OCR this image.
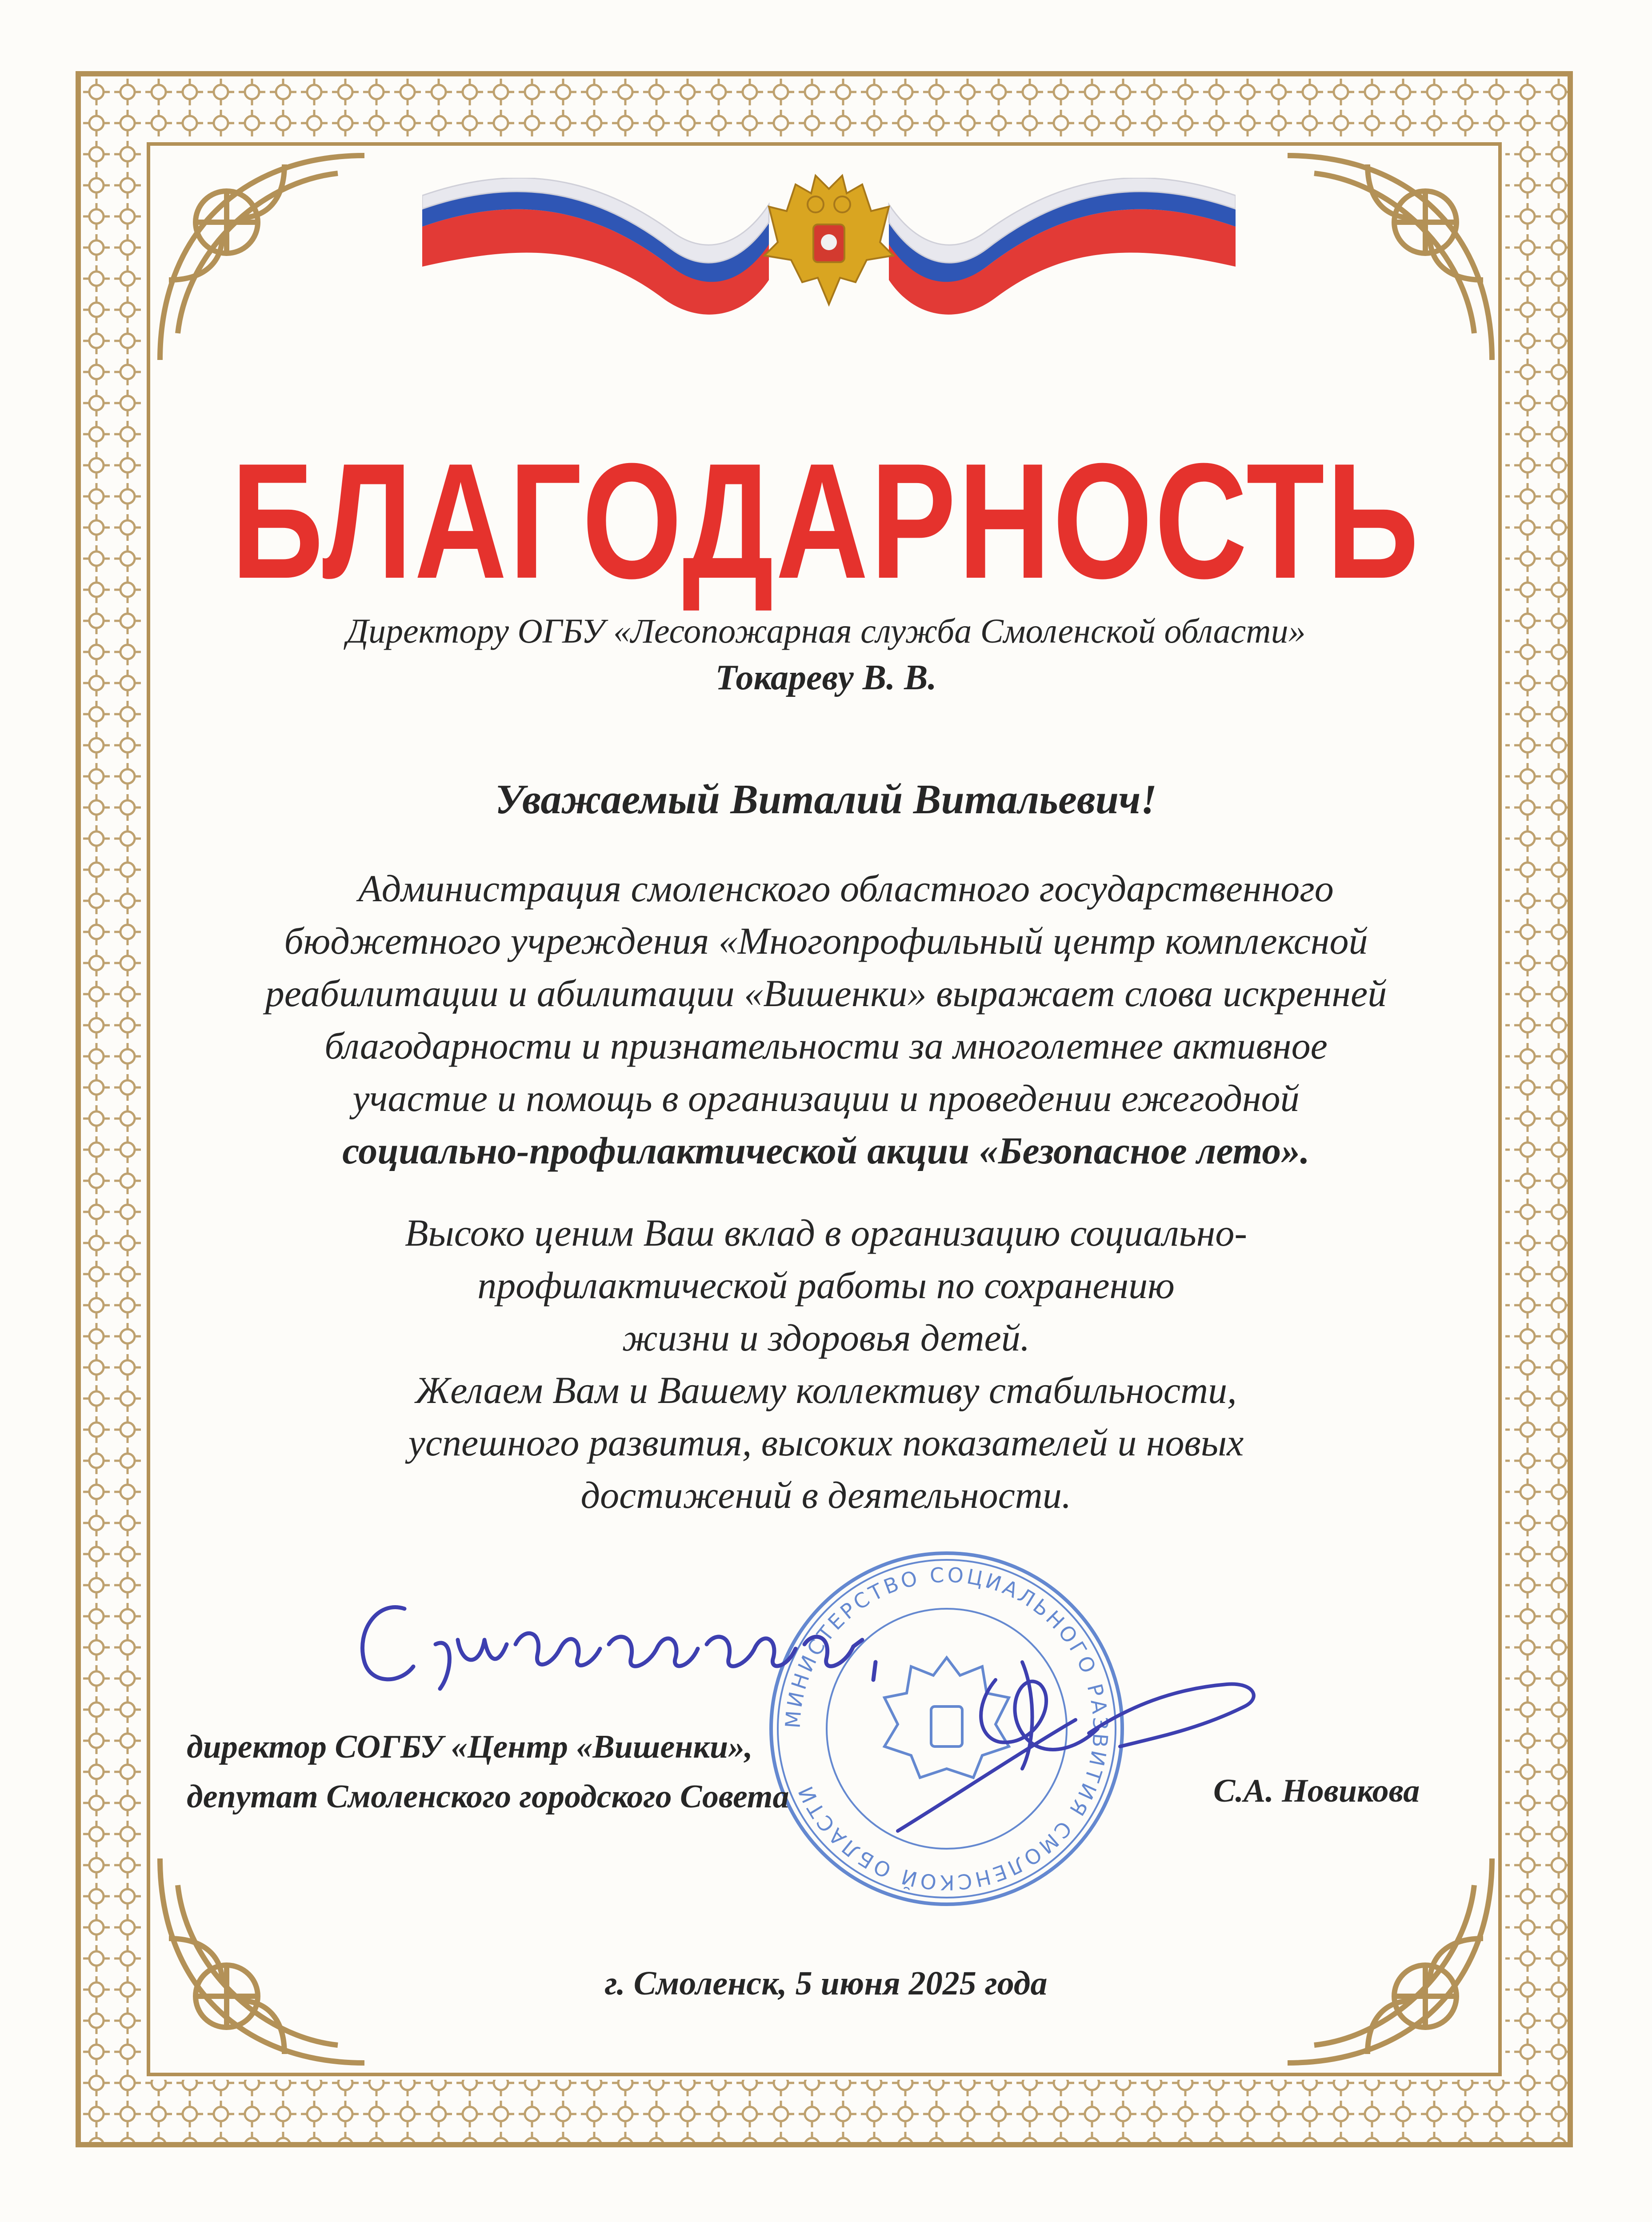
БЛАГОДАРНОСТЬ
Директору ОГБУ «Лесопожарная служба Смоленской области»
Токареву В. В.
Уважаемый Виталий Витальевич!
Администрация смоленского областного государственного
бюджетного учреждения «Многопрофильный центр комплексной
реабилитации и абилитации «Вишенки» выражает слова искренней
благодарности и признательности за многолетнее активное
участие и помощь в организации и проведении ежегодной
социально-профилактической акции «Безопасное лето».
Высоко ценим Ваш вклад в организацию социально-
профилактической работы по сохранению
жизни и здоровья детей.
Желаем Вам и Вашему коллективу стабильности,
успешного развития, высоких показателей и новых
достижений в деятельности.
МИНИСТЕРСТВО СОЦИАЛЬНОГО РАЗВИТИЯ СМОЛЕНСКОЙ ОБЛАСТИ
директор СОГБУ «Центр «Вишенки»,
депутат Смоленского городского Совета	С.А. Новикова
г. Смоленск, 5 июня 2025 года
